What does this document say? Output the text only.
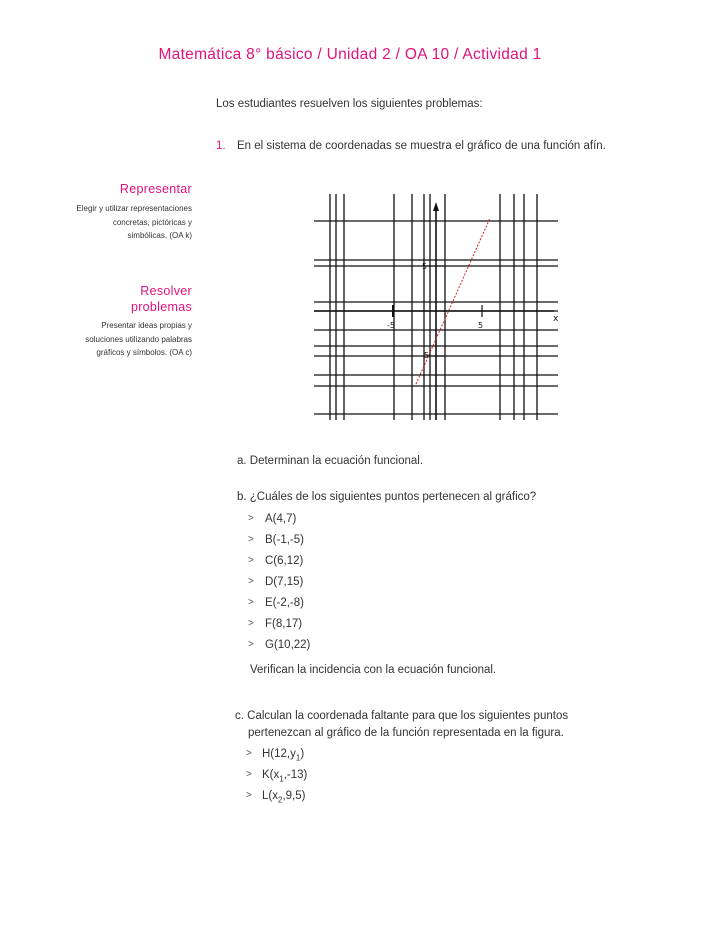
Matemática 8° básico / Unidad 2 / OA 10 / Actividad 1
Los estudiantes resuelven los siguientes problemas:
1. En el sistema de coordenadas se muestra el gráfico de una función afín.
Representar
Elegir y utilizar representaciones concretas, pictóricas y simbólicas. (OA k)
Resolver
problemas
Presentar ideas propias y soluciones utilizando palabras gráficos y símbolos. (OA c)
5
-5
-5	5
x
a. Determinan la ecuación funcional.
b. ¿Cuáles de los siguientes puntos pertenecen al gráfico?
> A(4,7)
> B(-1,-5)
> C(6,12)
> D(7,15)
> E(-2,-8)
> F(8,17)
> G(10,22)
Verifican la incidencia con la ecuación funcional.
c. Calculan la coordenada faltante para que los siguientes puntos
pertenezcan al gráfico de la función representada en la figura.
> $H(12,y_1)$
> $K(x_1,-13)$
> $L(x_2,9,5)$
